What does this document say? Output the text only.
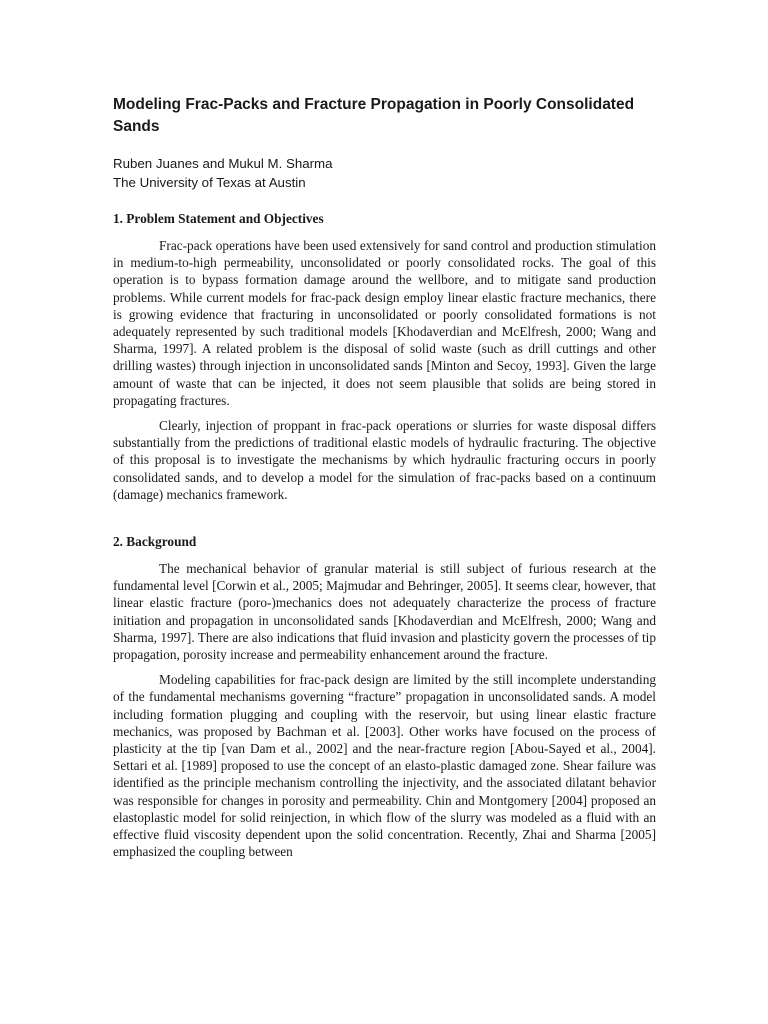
Modeling Frac-Packs and Fracture Propagation in Poorly Consolidated Sands
Ruben Juanes and Mukul M. Sharma
The University of Texas at Austin
1. Problem Statement and Objectives

Frac-pack operations have been used extensively for sand control and production stimulation in medium-to-high permeability, unconsolidated or poorly consolidated rocks. The goal of this operation is to bypass formation damage around the wellbore, and to mitigate sand production problems. While current models for frac-pack design employ linear elastic fracture mechanics, there is growing evidence that fracturing in unconsolidated or poorly consolidated formations is not adequately represented by such traditional models [Khodaverdian and McElfresh, 2000; Wang and Sharma, 1997]. A related problem is the disposal of solid waste (such as drill cuttings and other drilling wastes) through injection in unconsolidated sands [Minton and Secoy, 1993]. Given the large amount of waste that can be injected, it does not seem plausible that solids are being stored in propagating fractures.

Clearly, injection of proppant in frac-pack operations or slurries for waste disposal differs substantially from the predictions of traditional elastic models of hydraulic fracturing. The objective of this proposal is to investigate the mechanisms by which hydraulic fracturing occurs in poorly consolidated sands, and to develop a model for the simulation of frac-packs based on a continuum (damage) mechanics framework.

2. Background

The mechanical behavior of granular material is still subject of furious research at the fundamental level [Corwin et al., 2005; Majmudar and Behringer, 2005]. It seems clear, however, that linear elastic fracture (poro-)mechanics does not adequately characterize the process of fracture initiation and propagation in unconsolidated sands [Khodaverdian and McElfresh, 2000; Wang and Sharma, 1997]. There are also indications that fluid invasion and plasticity govern the processes of tip propagation, porosity increase and permeability enhancement around the fracture.

Modeling capabilities for frac-pack design are limited by the still incomplete understanding of the fundamental mechanisms governing “fracture” propagation in unconsolidated sands. A model including formation plugging and coupling with the reservoir, but using linear elastic fracture mechanics, was proposed by Bachman et al. [2003]. Other works have focused on the process of plasticity at the tip [van Dam et al., 2002] and the near-fracture region [Abou-Sayed et al., 2004]. Settari et al. [1989] proposed to use the concept of an elasto-plastic damaged zone. Shear failure was identified as the principle mechanism controlling the injectivity, and the associated dilatant behavior was responsible for changes in porosity and permeability. Chin and Montgomery [2004] proposed an elastoplastic model for solid reinjection, in which flow of the slurry was modeled as a fluid with an effective fluid viscosity dependent upon the solid concentration. Recently, Zhai and Sharma [2005] emphasized the coupling between
